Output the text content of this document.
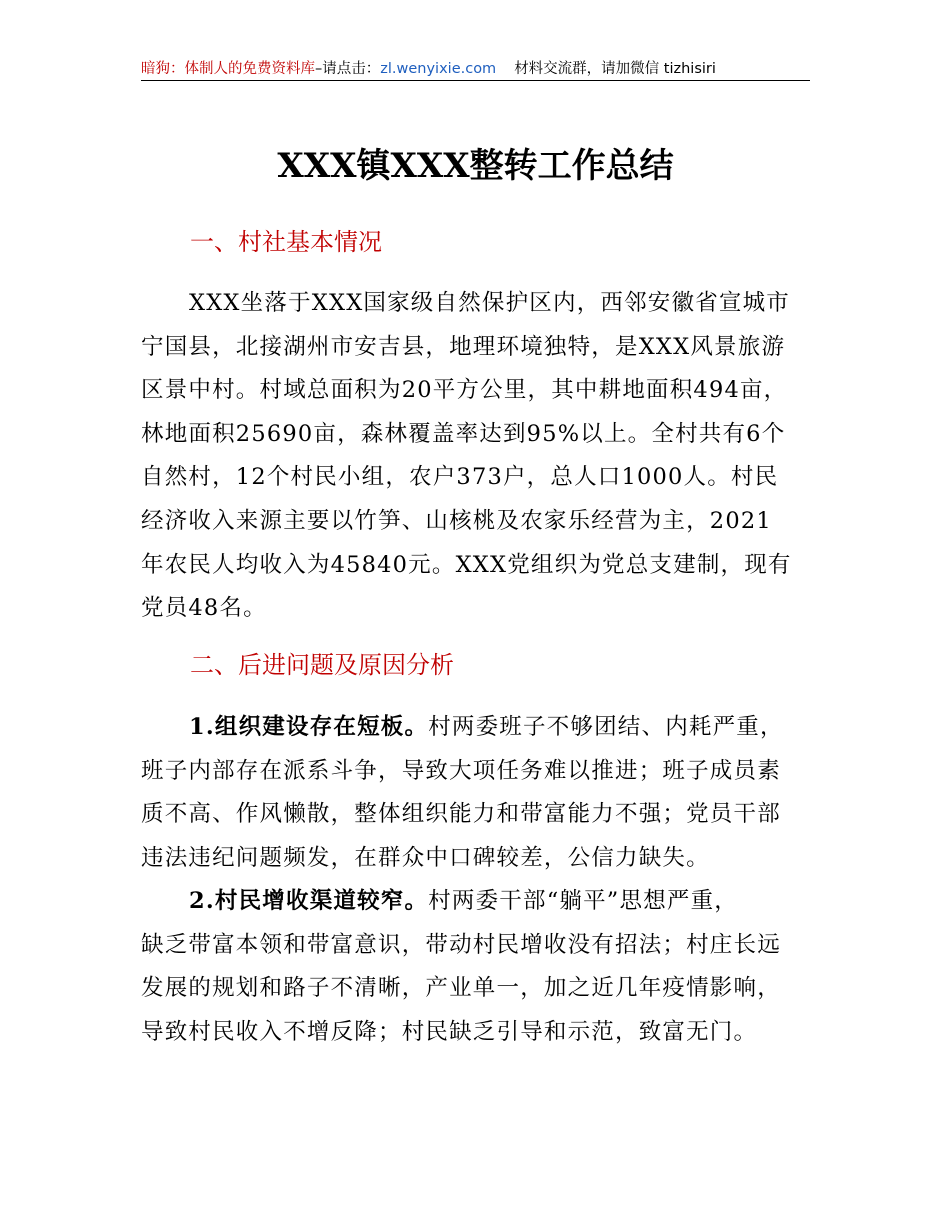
暗狗：体制人的免费资料库–请点击：zl.wenyixie.com 材料交流群，请加微信 tizhisiri
XXX镇XXX整转工作总结
一、村社基本情况
XXX坐落于XXX国家级自然保护区内，西邻安徽省宣城市
宁国县，北接湖州市安吉县，地理环境独特，是XXX风景旅游
区景中村。村域总面积为20平方公里，其中耕地面积494亩，
林地面积25690亩，森林覆盖率达到95%以上。全村共有6个
自然村，12个村民小组，农户373户，总人口1000人。村民
经济收入来源主要以竹笋、山核桃及农家乐经营为主，2021
年农民人均收入为45840元。XXX党组织为党总支建制，现有
党员48名。
二、后进问题及原因分析
1.组织建设存在短板。村两委班子不够团结、内耗严重，
班子内部存在派系斗争，导致大项任务难以推进；班子成员素
质不高、作风懒散，整体组织能力和带富能力不强；党员干部
违法违纪问题频发，在群众中口碑较差，公信力缺失。
2.村民增收渠道较窄。村两委干部“躺平”思想严重，
缺乏带富本领和带富意识，带动村民增收没有招法；村庄长远
发展的规划和路子不清晰，产业单一，加之近几年疫情影响，
导致村民收入不增反降；村民缺乏引导和示范，致富无门。
